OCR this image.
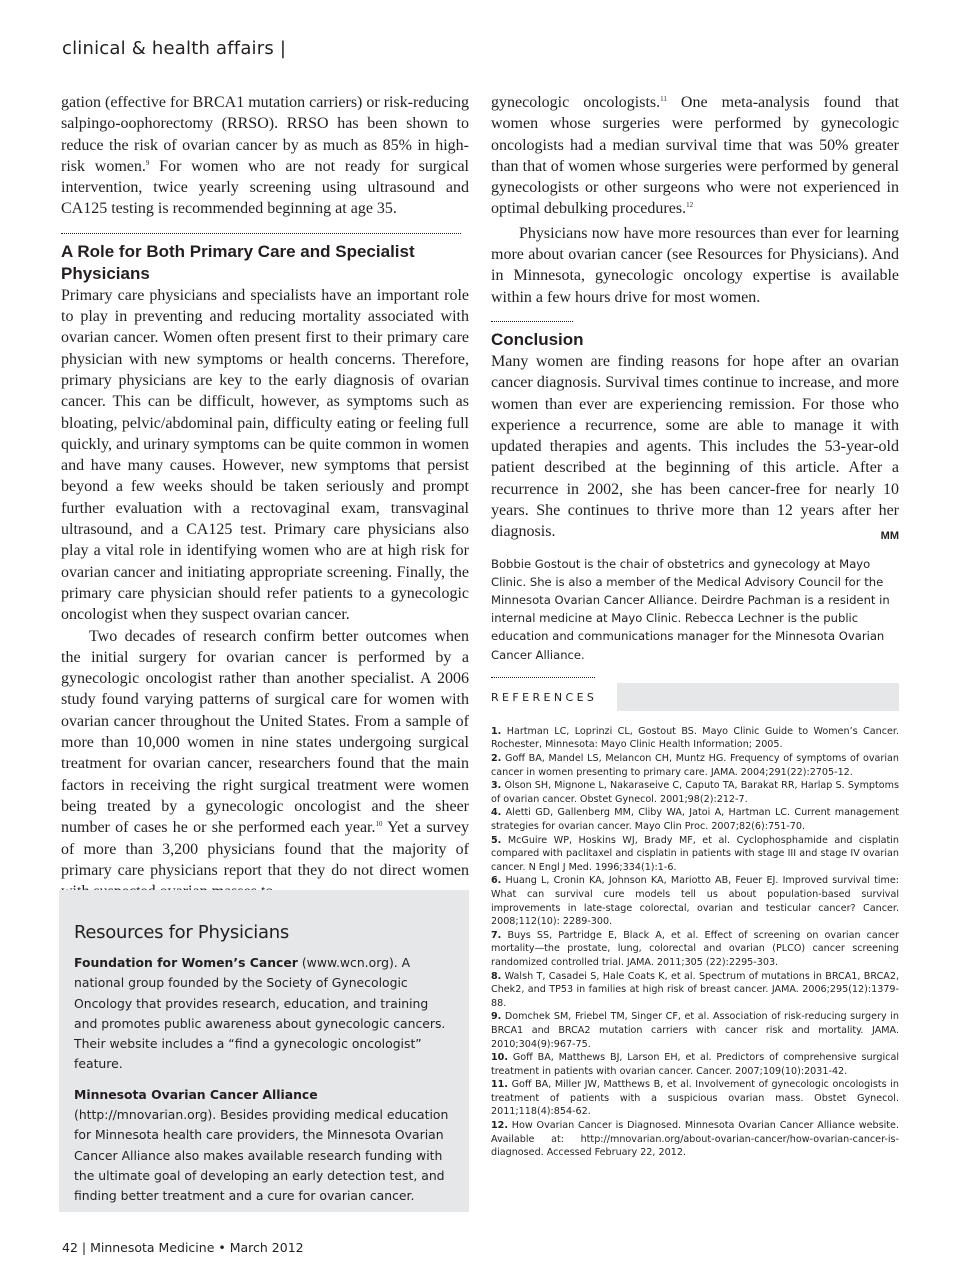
clinical & health affairs |

gation (effective for BRCA1 mutation carriers) or risk-reducing salpingo-oophorectomy (RRSO). RRSO has been shown to reduce the risk of ovarian cancer by as much as 85% in high-risk women.$^9$ For women who are not ready for surgical intervention, twice yearly screening using ultrasound and CA125 testing is recommended beginning at age 35.

A Role for Both Primary Care and Specialist Physicians

Primary care physicians and specialists have an important role to play in preventing and reducing mortality associated with ovarian cancer. Women often present first to their primary care physician with new symptoms or health concerns. Therefore, primary physicians are key to the early diagnosis of ovarian cancer. This can be difficult, however, as symptoms such as bloating, pelvic/abdominal pain, difficulty eating or feeling full quickly, and urinary symptoms can be quite common in women and have many causes. However, new symptoms that persist beyond a few weeks should be taken seriously and prompt further evaluation with a rectovaginal exam, transvaginal ultrasound, and a CA125 test. Primary care physicians also play a vital role in identifying women who are at high risk for ovarian cancer and initiating appropriate screening. Finally, the primary care physician should refer patients to a gynecologic oncologist when they suspect ovarian cancer.

Two decades of research confirm better outcomes when the initial surgery for ovarian cancer is performed by a gynecologic oncologist rather than another specialist. A 2006 study found varying patterns of surgical care for women with ovarian cancer throughout the United States. From a sample of more than 10,000 women in nine states undergoing surgical treatment for ovarian cancer, researchers found that the main factors in receiving the right surgical treatment were women being treated by a gynecologic oncologist and the sheer number of cases he or she performed each year.$^{10}$ Yet a survey of more than 3,200 physicians found that the majority of primary care physicians report that they do not direct women

Resources for Physicians

Foundation for Women’s Cancer (www.wcn.org). A national group founded by the Society of Gynecologic Oncology that provides research, education, and training and promotes public awareness about gynecologic cancers. Their website includes a “find a gynecologic oncologist” feature.

Minnesota Ovarian Cancer Alliance (http://mnovarian.org). Besides providing medical education for Minnesota health care providers, the Minnesota Ovarian Cancer Alliance also makes available research funding with the ultimate goal of developing an early detection test, and finding better treatment and a cure for ovarian cancer.

gynecologic oncologists.$^{11}$ One meta-analysis found that women whose surgeries were performed by gynecologic oncologists had a median survival time that was 50% greater than that of women whose surgeries were performed by general gynecologists or other surgeons who were not experienced in optimal debulking procedures.$^{12}$

Physicians now have more resources than ever for learning more about ovarian cancer (see Resources for Physicians). And in Minnesota, gynecologic oncology expertise is available within a few hours drive for most women.

Conclusion

Many women are finding reasons for hope after an ovarian cancer diagnosis. Survival times continue to increase, and more women than ever are experiencing remission. For those who experience a recurrence, some are able to manage it with updated therapies and agents. This includes the 53-year-old patient described at the beginning of this article. After a recurrence in 2002, she has been cancer-free for nearly 10 years. She continues to thrive more than 12 years after her diagnosis.	MM

Bobbie Gostout is the chair of obstetrics and gynecology at Mayo Clinic. She is also a member of the Medical Advisory Council for the Minnesota Ovarian Cancer Alliance. Deirdre Pachman is a resident in internal medicine at Mayo Clinic. Rebecca Lechner is the public education and communications manager for the Minnesota Ovarian Cancer Alliance.

REFERENCES
1. Hartman LC, Loprinzi CL, Gostout BS. Mayo Clinic Guide to Women’s Cancer. Rochester, Minnesota: Mayo Clinic Health Information; 2005.
2. Goff BA, Mandel LS, Melancon CH, Muntz HG. Frequency of symptoms of ovarian cancer in women presenting to primary care. JAMA. 2004;291(22):2705-12.
3. Olson SH, Mignone L, Nakaraseive C, Caputo TA, Barakat RR, Harlap S. Symptoms of ovarian cancer. Obstet Gynecol. 2001;98(2):212-7.
4. Aletti GD, Gallenberg MM, Cliby WA, Jatoi A, Hartman LC. Current management strategies for ovarian cancer. Mayo Clin Proc. 2007;82(6):751-70.
5. McGuire WP, Hoskins WJ, Brady MF, et al. Cyclophosphamide and cisplatin compared with paclitaxel and cisplatin in patients with stage III and stage IV ovarian cancer. N Engl J Med. 1996;334(1):1-6.
6. Huang L, Cronin KA, Johnson KA, Mariotto AB, Feuer EJ. Improved survival time: What can survival cure models tell us about population-based survival improvements in late-stage colorectal, ovarian and testicular cancer? Cancer. 2008;112(10): 2289-300.
7. Buys SS, Partridge E, Black A, et al. Effect of screening on ovarian cancer mortality—the prostate, lung, colorectal and ovarian (PLCO) cancer screening randomized controlled trial. JAMA. 2011;305 (22):2295-303.
8. Walsh T, Casadei S, Hale Coats K, et al. Spectrum of mutations in BRCA1, BRCA2, Chek2, and TP53 in families at high risk of breast cancer. JAMA. 2006;295(12):1379-88.
9. Domchek SM, Friebel TM, Singer CF, et al. Association of risk-reducing surgery in BRCA1 and BRCA2 mutation carriers with cancer risk and mortality. JAMA. 2010;304(9):967-75.
10. Goff BA, Matthews BJ, Larson EH, et al. Predictors of comprehensive surgical treatment in patients with ovarian cancer. Cancer. 2007;109(10):2031-42.
11. Goff BA, Miller JW, Matthews B, et al. Involvement of gynecologic oncologists in treatment of patients with a suspicious ovarian mass. Obstet Gynecol. 2011;118(4):854-62.
12. How Ovarian Cancer is Diagnosed. Minnesota Ovarian Cancer Alliance website. Available at: http://mnovarian.org/about-ovarian-cancer/how-ovarian-cancer-is-diagnosed. Accessed February 22, 2012.
42 | Minnesota Medicine • March 2012
